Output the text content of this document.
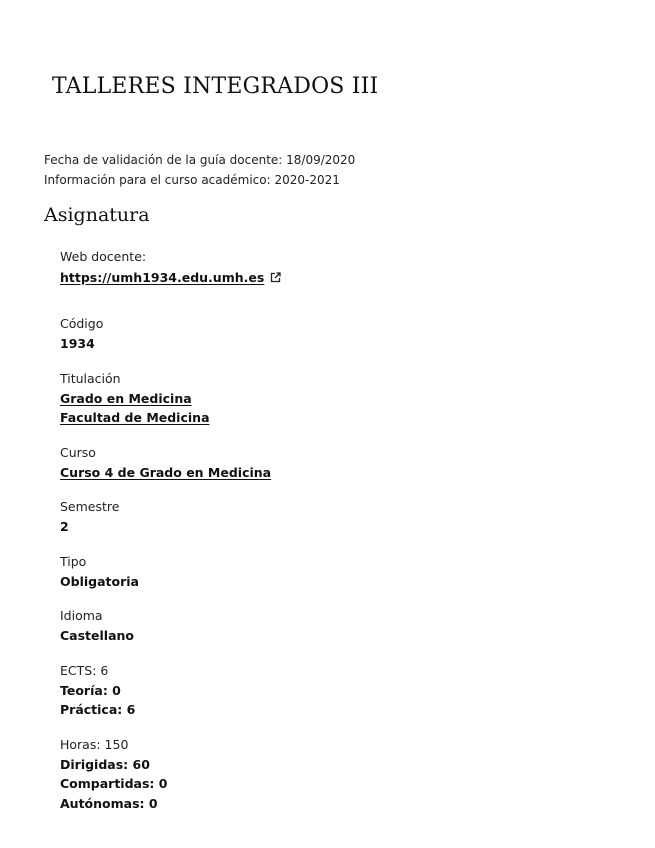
TALLERES INTEGRADOS III
Fecha de validación de la guía docente: 18/09/2020
Información para el curso académico: 2020-2021
Asignatura
Web docente:
https://umh1934.edu.umh.es
Código
1934
Titulación
Grado en Medicina
Facultad de Medicina
Curso
Curso 4 de Grado en Medicina
Semestre
2
Tipo
Obligatoria
Idioma
Castellano
ECTS: 6
Teoría: 0
Práctica: 6
Horas: 150
Dirigidas: 60
Compartidas: 0
Autónomas: 0
